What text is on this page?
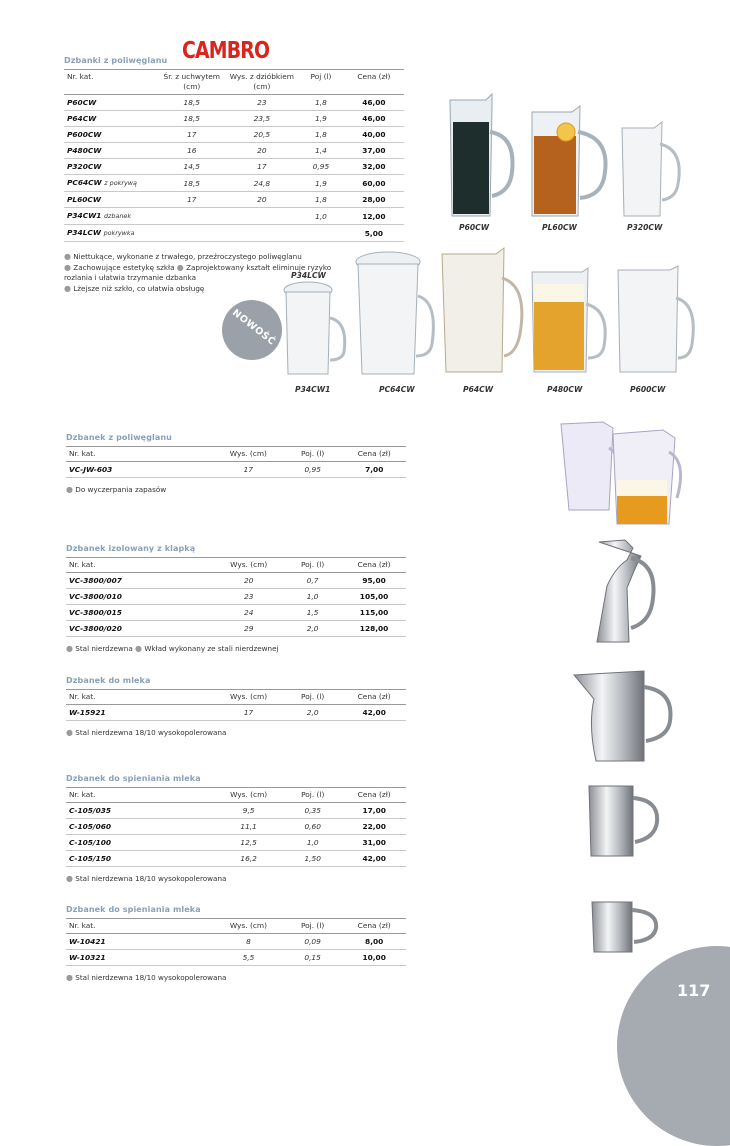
CAMBRO
Dzbanki z poliwęglanu
Nr. kat.	Śr. z uchwytem (cm)	Wys. z dzióbkiem (cm)	Poj (l)	Cena (zł)
P60CW	18,5	23	1,8	46,00
P64CW	18,5	23,5	1,9	46,00
P600CW	17	20,5	1,8	40,00
P480CW	16	20	1,4	37,00
P320CW	14,5	17	0,95	32,00
PC64CW z pokrywą	18,5	24,8	1,9	60,00
PL60CW	17	20	1,8	28,00
P34CW1 dzbanek			1,0	12,00
P34LCW pokrywka				5,00
● Niettukące, wykonane z trwałego, przeźroczystego poliwęglanu
● Zachowujące estetykę szkła ● Zaprojektowany kształt eliminuje ryzyko rozlania i ułatwia trzymanie dzbanka
● Lżejsze niż szkło, co ułatwia obsługę
Dzbanek z poliwęglanu
Nr. kat.	Wys. (cm)	Poj. (l)	Cena (zł)
VC-JW-603	17	0,95	7,00
● Do wyczerpania zapasów
Dzbanek izolowany z klapką
Nr. kat.	Wys. (cm)	Poj. (l)	Cena (zł)
VC-3800/007	20	0,7	95,00
VC-3800/010	23	1,0	105,00
VC-3800/015	24	1,5	115,00
VC-3800/020	29	2,0	128,00
● Stal nierdzewna ● Wkład wykonany ze stali nierdzewnej
Dzbanek do mleka
Nr. kat.	Wys. (cm)	Poj. (l)	Cena (zł)
W-15921	17	2,0	42,00
● Stal nierdzewna 18/10 wysokopolerowana
Dzbanek do spieniania mleka
Nr. kat.	Wys. (cm)	Poj. (l)	Cena (zł)
C-105/035	9,5	0,35	17,00
C-105/060	11,1	0,60	22,00
C-105/100	12,5	1,0	31,00
C-105/150	16,2	1,50	42,00
● Stal nierdzewna 18/10 wysokopolerowana
Dzbanek do spieniania mleka
Nr. kat.	Wys. (cm)	Poj. (l)	Cena (zł)
W-10421	8	0,09	8,00
W-10321	5,5	0,15	10,00
● Stal nierdzewna 18/10 wysokopolerowana
P60CW	PL60CW	P320CW
P34LCW
P34CW1	PC64CW	P64CW	P480CW	P600CW
NOWOŚĆ
117
